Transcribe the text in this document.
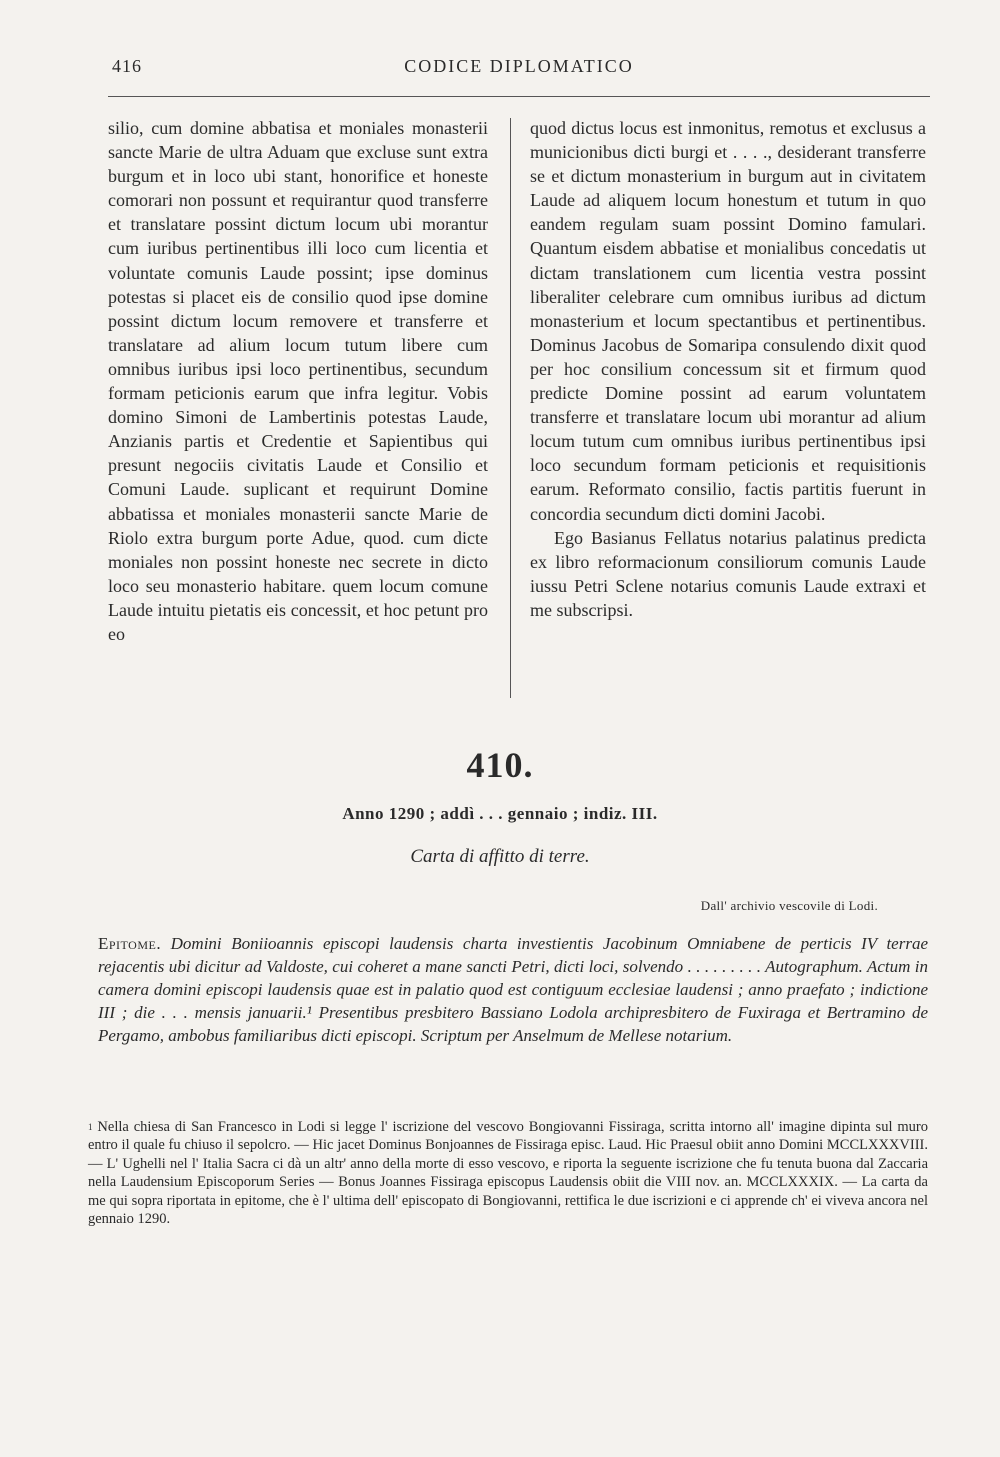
416	CODICE DIPLOMATICO

silio, cum domine abbatisa et moniales monasterii sancte Marie de ultra Aduam que excluse sunt extra burgum et in loco ubi stant, honorifice et honeste comorari non possunt et requirantur quod transferre et translatare possint dictum locum ubi morantur cum iuribus pertinentibus illi loco cum licentia et voluntate comunis Laude possint; ipse dominus potestas si placet eis de consilio quod ipse domine possint dictum locum removere et transferre et translatare ad alium locum tutum libere cum omnibus iuribus ipsi loco pertinentibus, secundum formam peticionis earum que infra legitur. Vobis domino Simoni de Lambertinis potestas Laude, Anzianis partis et Credentie et Sapientibus qui presunt negociis civitatis Laude et Consilio et Comuni Laude. suplicant et requirunt Domine abbatissa et moniales monasterii sancte Marie de Riolo extra burgum porte Adue, quod. cum dicte moniales non possint honeste nec secrete in dicto loco seu monasterio habitare. quem locum comune Laude intuitu pietatis eis concessit, et hoc petunt pro eo

quod dictus locus est inmonitus, remotus et exclusus a municionibus dicti burgi et . . . ., desiderant transferre se et dictum monasterium in burgum aut in civitatem Laude ad aliquem locum honestum et tutum in quo eandem regulam suam possint Domino famulari. Quantum eisdem abbatise et monialibus concedatis ut dictam translationem cum licentia vestra possint liberaliter celebrare cum omnibus iuribus ad dictum monasterium et locum spectantibus et pertinentibus. Dominus Jacobus de Somaripa consulendo dixit quod per hoc consilium concessum sit et firmum quod predicte Domine possint ad earum voluntatem transferre et translatare locum ubi morantur ad alium locum tutum cum omnibus iuribus pertinentibus ipsi loco secundum formam peticionis et requisitionis earum. Reformato consilio, factis partitis fuerunt in concordia secundum dicti domini Jacobi.

Ego Basianus Fellatus notarius palatinus predicta ex libro reformacionum consiliorum comunis Laude iussu Petri Sclene notarius comunis Laude extraxi et me subscripsi.

410.
Anno 1290 ; addì . . . gennaio ; indiz. III.
Carta di affitto di terre.
Dall' archivio vescovile di Lodi.
Epitome. Domini Boniioannis episcopi laudensis charta investientis Jacobinum Omniabene de perticis IV terrae rejacentis ubi dicitur ad Valdoste, cui coheret a mane sancti Petri, dicti loci, solvendo . . . . . . . . . Autographum. Actum in camera domini episcopi laudensis quae est in palatio quod est contiguum ecclesiae laudensi ; anno praefato ; indictione III ; die . . . mensis januarii.¹ Presentibus presbitero Bassiano Lodola archipresbitero de Fuxiraga et Bertramino de Pergamo, ambobus familiaribus dicti episcopi. Scriptum per Anselmum de Mellese notarium.
$^1$ Nella chiesa di San Francesco in Lodi si legge l' iscrizione del vescovo Bongiovanni Fissiraga, scritta intorno all' imagine dipinta sul muro entro il quale fu chiuso il sepolcro. — Hic jacet Dominus Bonjoannes de Fissiraga episc. Laud. Hic Praesul obiit anno Domini MCCLXXXVIII. — L' Ughelli nel l' Italia Sacra ci dà un altr' anno della morte di esso vescovo, e riporta la seguente iscrizione che fu tenuta buona dal Zaccaria nella Laudensium Episcoporum Series — Bonus Joannes Fissiraga episcopus Laudensis obiit die VIII nov. an. MCCLXXXIX. — La carta da me qui sopra riportata in epitome, che è l' ultima dell' episcopato di Bongiovanni, rettifica le due iscrizioni e ci apprende ch' ei viveva ancora nel gennaio 1290.
